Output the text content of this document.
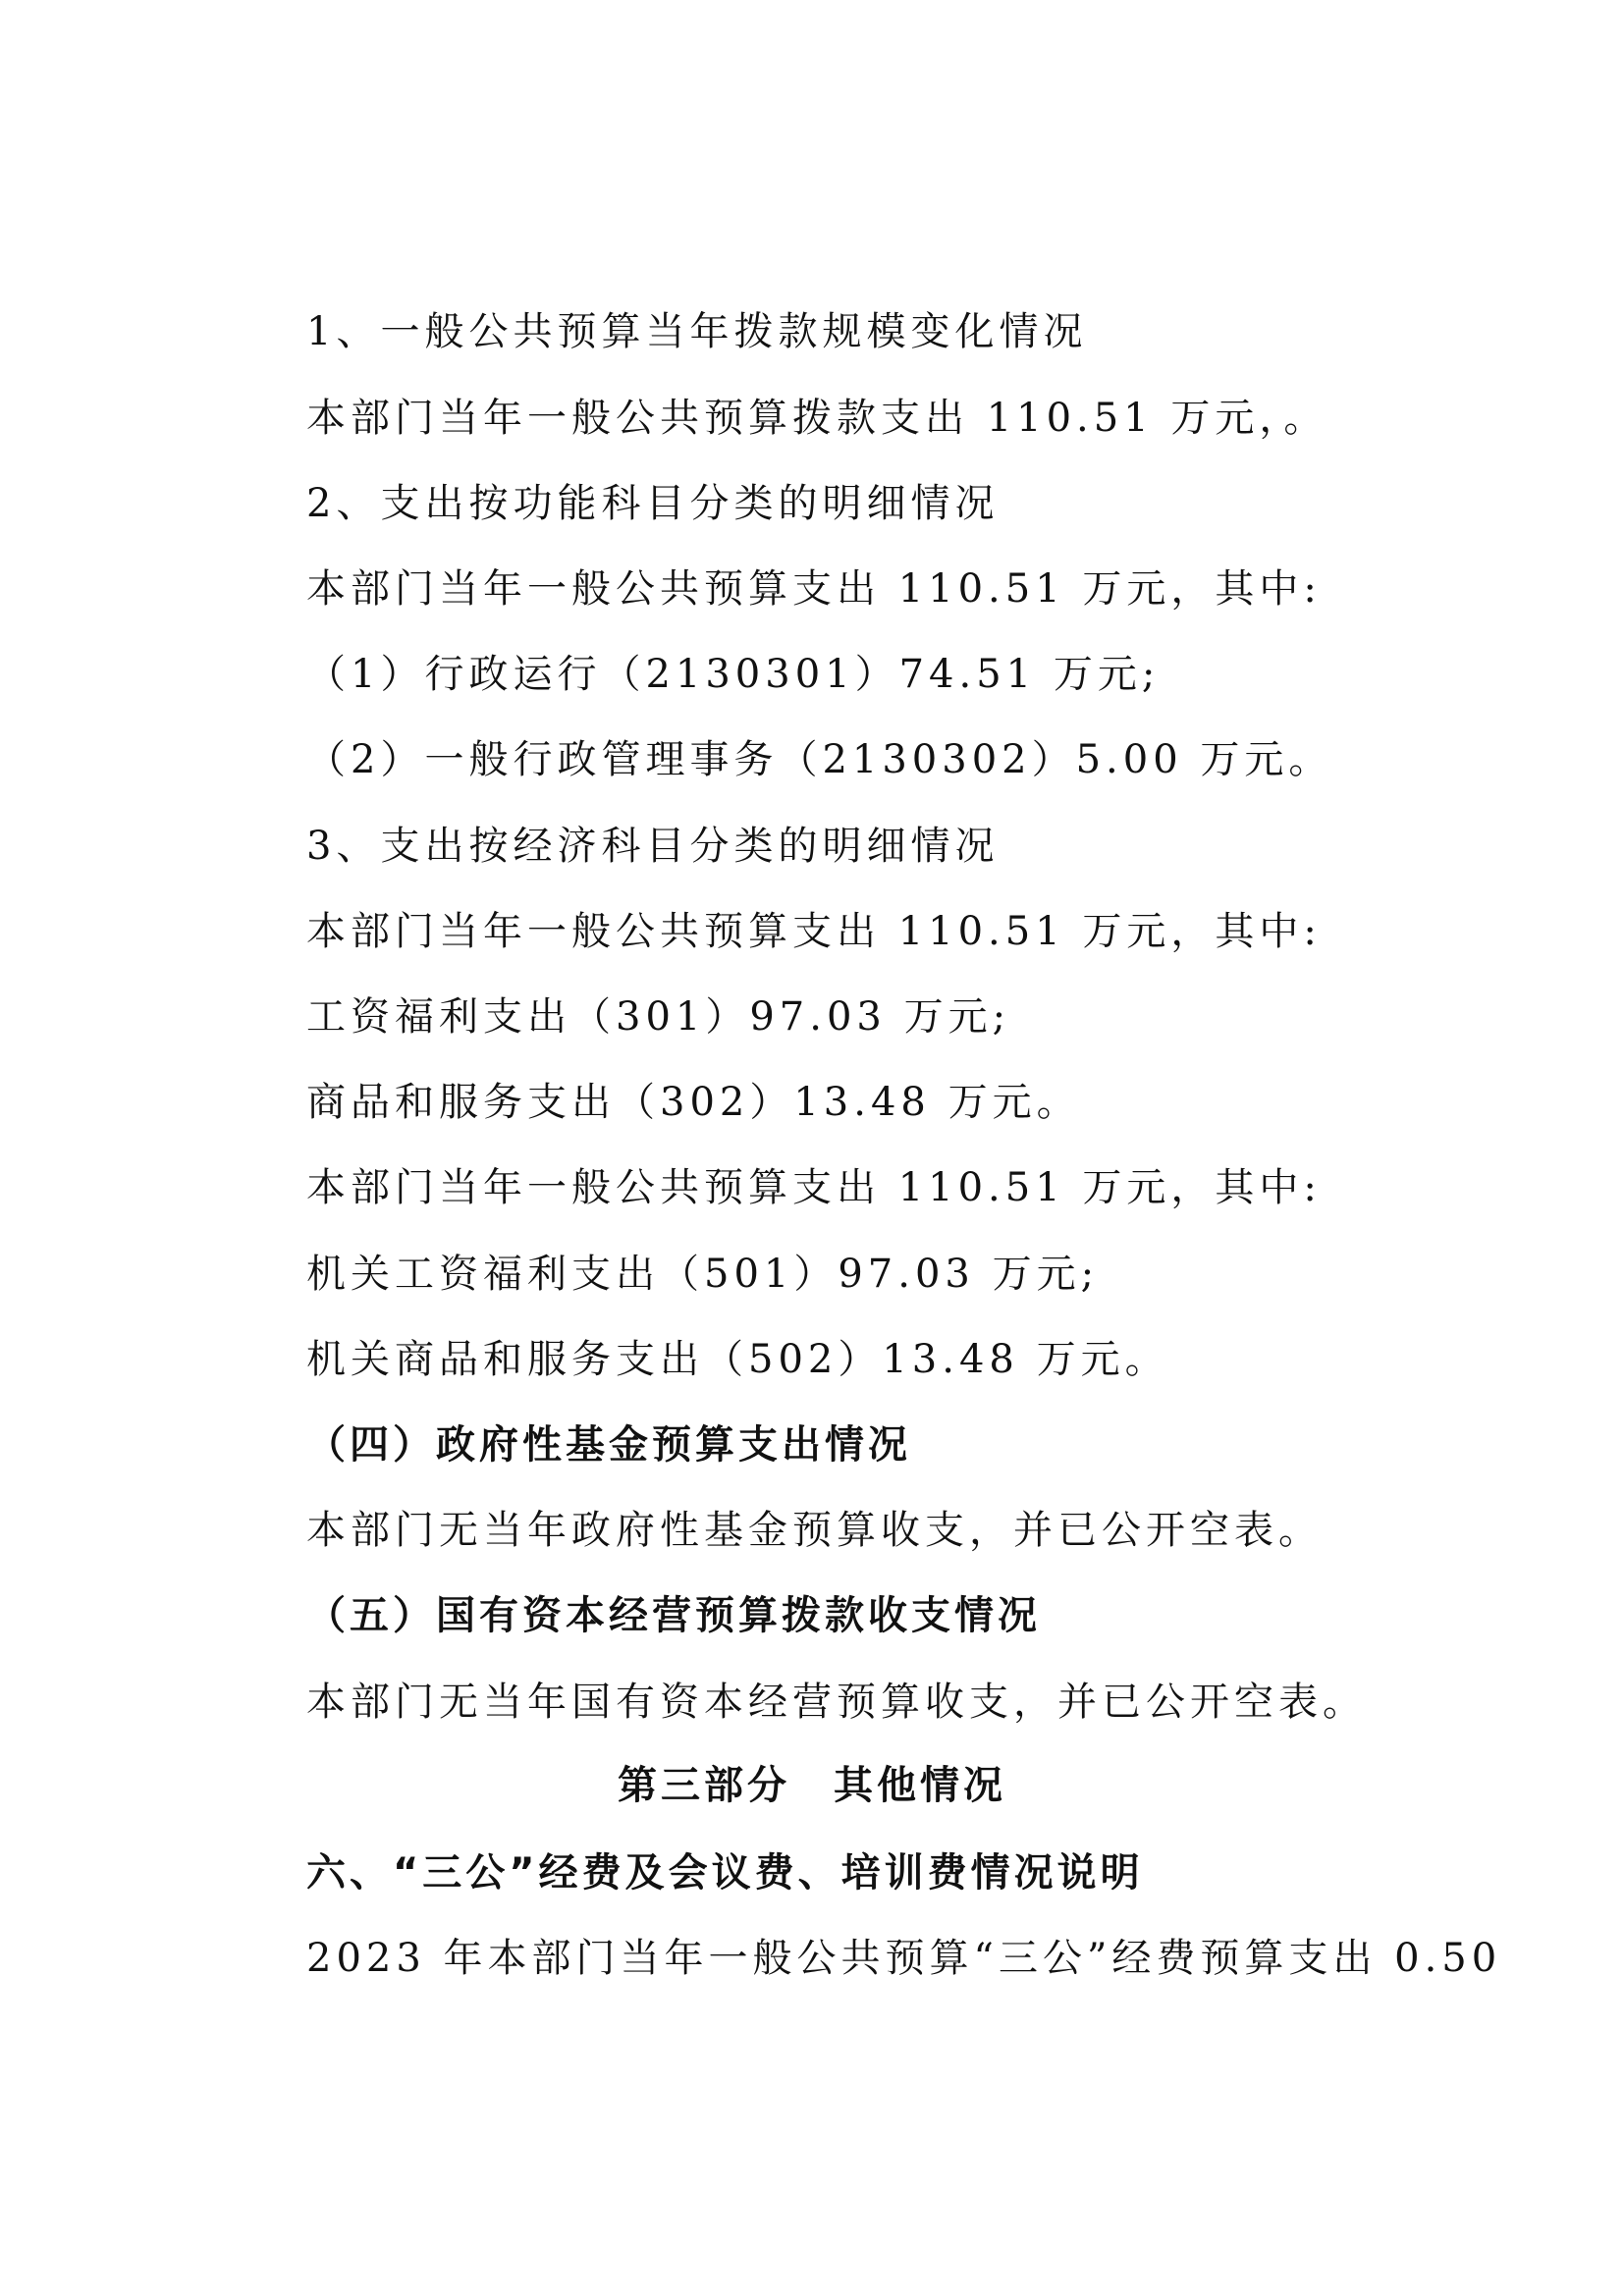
1、一般公共预算当年拨款规模变化情况
本部门当年一般公共预算拨款支出 110.51 万元，。
2、支出按功能科目分类的明细情况
本部门当年一般公共预算支出 110.51 万元，其中:
（1）行政运行（2130301）74.51 万元;
（2）一般行政管理事务（2130302）5.00 万元。
3、支出按经济科目分类的明细情况
本部门当年一般公共预算支出 110.51 万元，其中:
工资福利支出（301）97.03 万元;
商品和服务支出（302）13.48 万元。
本部门当年一般公共预算支出 110.51 万元，其中:
机关工资福利支出（501）97.03 万元;
机关商品和服务支出（502）13.48 万元。
（四）政府性基金预算支出情况
本部门无当年政府性基金预算收支，并已公开空表。
（五）国有资本经营预算拨款收支情况
本部门无当年国有资本经营预算收支，并已公开空表。
第三部分　其他情况
六、“三公”经费及会议费、培训费情况说明
2023 年本部门当年一般公共预算“三公”经费预算支出 0.50
